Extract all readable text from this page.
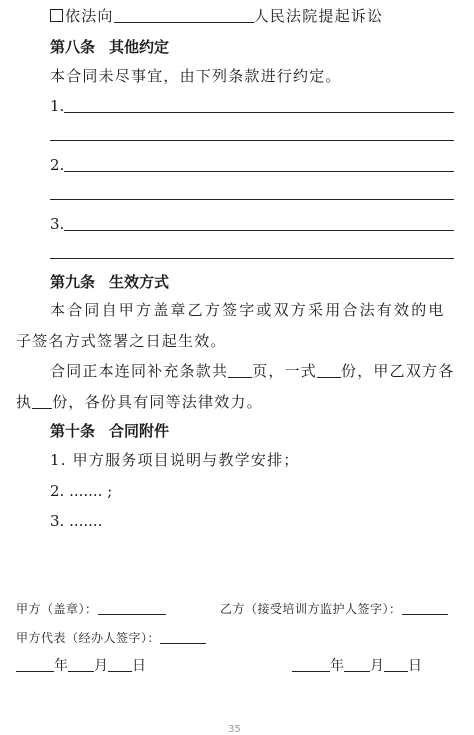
依法向	人民法院提起诉讼
第八条 其他约定
本合同未尽事宜，由下列条款进行约定。
1.
2.
3.
第九条 生效方式
本合同自甲方盖章乙方签字或双方采用合法有效的电
子签名方式签署之日起生效。
合同正本连同补充条款共 页，一式 份，甲乙双方各
执 份，各份具有同等法律效力。
第十条 合同附件
1. 甲方服务项目说明与教学安排；
2. ....... ;
3. .......
甲方（盖章）：	乙方（接受培训方监护人签字）：
甲方代表（经办人签字）：
年 月 日	年 月 日
35
